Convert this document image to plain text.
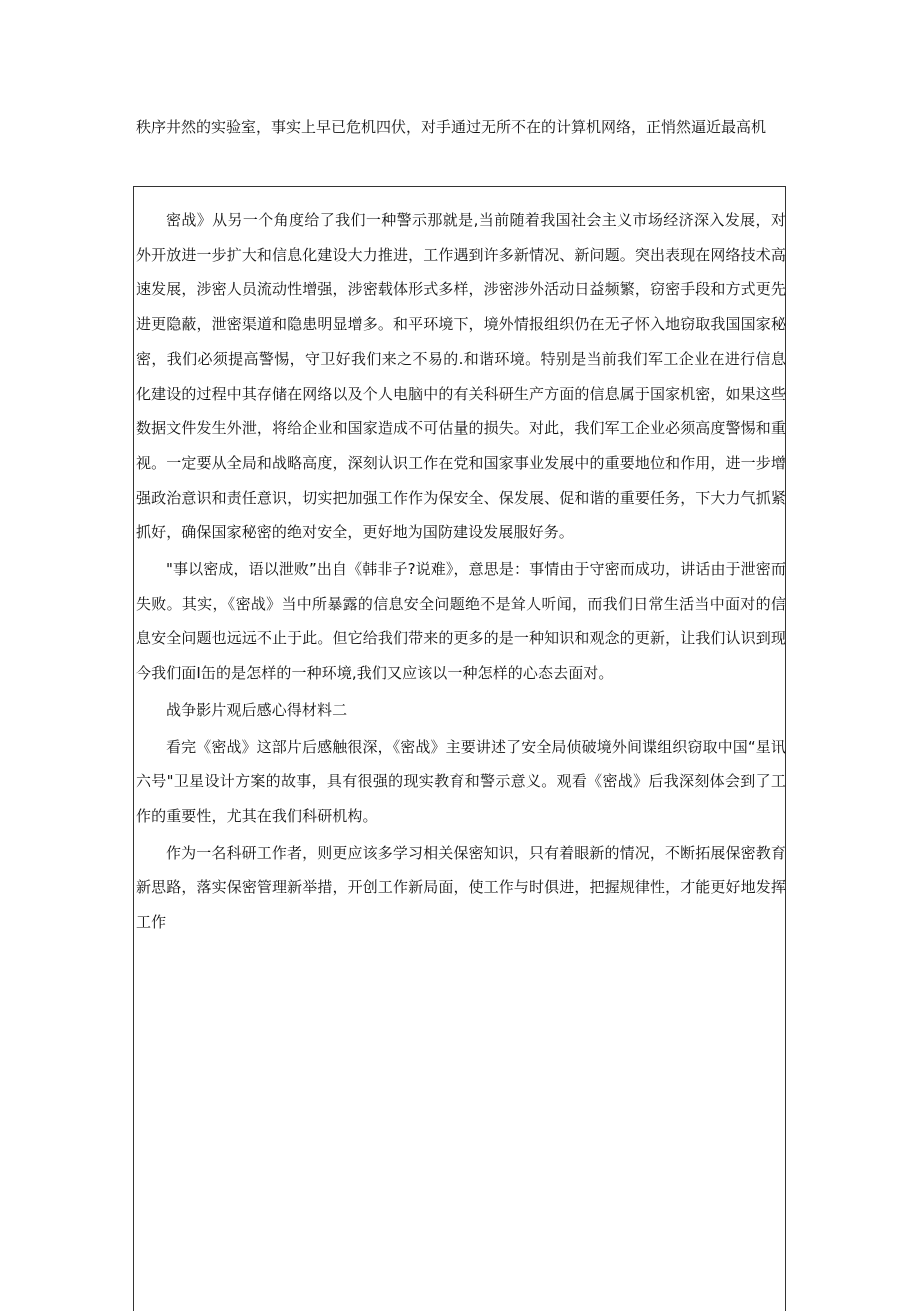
秩序井然的实验室，事实上早已危机四伏，对手通过无所不在的计算机网络，正悄然逼近最高机

密战》从另一个角度给了我们一种警示那就是,当前随着我国社会主义市场经济深入发展，对外开放进一步扩大和信息化建设大力推进，工作遇到许多新情况、新问题。突出表现在网络技术高速发展，涉密人员流动性增强，涉密载体形式多样，涉密涉外活动日益频繁，窃密手段和方式更先进更隐蔽，泄密渠道和隐患明显增多。和平环境下，境外情报组织仍在无孑怀入地窃取我国国家秘密，我们必须提高警惕，守卫好我们来之不易的.和谐环境。特别是当前我们军工企业在进行信息化建设的过程中其存储在网络以及个人电脑中的有关科研生产方面的信息属于国家机密，如果这些数据文件发生外泄，将给企业和国家造成不可估量的损失。对此，我们军工企业必须高度警惕和重视。一定要从全局和战略高度，深刻认识工作在党和国家事业发展中的重要地位和作用，进一步增强政治意识和责任意识，切实把加强工作作为保安全、保发展、促和谐的重要任务，下大力气抓紧抓好，确保国家秘密的绝对安全，更好地为国防建设发展服好务。

"事以密成，语以泄败”出自《韩非子?说难》，意思是：事情由于守密而成功，讲话由于泄密而失败。其实，《密战》当中所暴露的信息安全问题绝不是耸人听闻，而我们日常生活当中面对的信息安全问题也远远不止于此。但它给我们带来的更多的是一种知识和观念的更新，让我们认识到现今我们面I缶的是怎样的一种环境,我们又应该以一种怎样的心态去面对。

战争影片观后感心得材料二

看完《密战》这部片后感触很深，《密战》主要讲述了安全局侦破境外间谍组织窃取中国“星讯六号"卫星设计方案的故事，具有很强的现实教育和警示意义。观看《密战》后我深刻体会到了工作的重要性，尤其在我们科研机构。

作为一名科研工作者，则更应该多学习相关保密知识，只有着眼新的情况，不断拓展保密教育新思路，落实保密管理新举措，开创工作新局面，使工作与时俱进，把握规律性，才能更好地发挥工作
